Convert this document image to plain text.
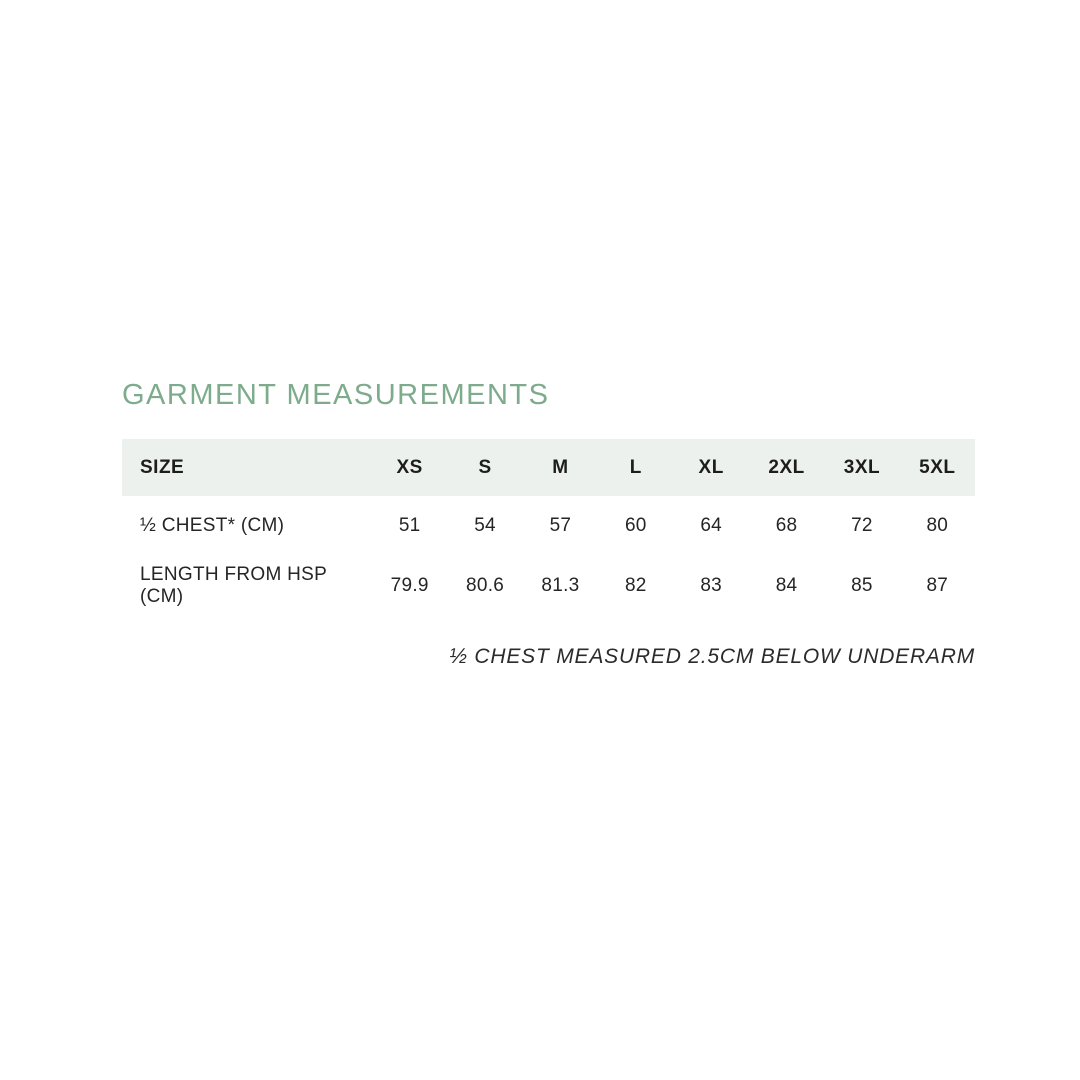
GARMENT MEASUREMENTS
SIZE	XS	S	M	L	XL	2XL	3XL	5XL
½ CHEST* (CM)	51	54	57	60	64	68	72	80
LENGTH FROM HSP (CM)	79.9	80.6	81.3	82	83	84	85	87
½ CHEST MEASURED 2.5CM BELOW UNDERARM
